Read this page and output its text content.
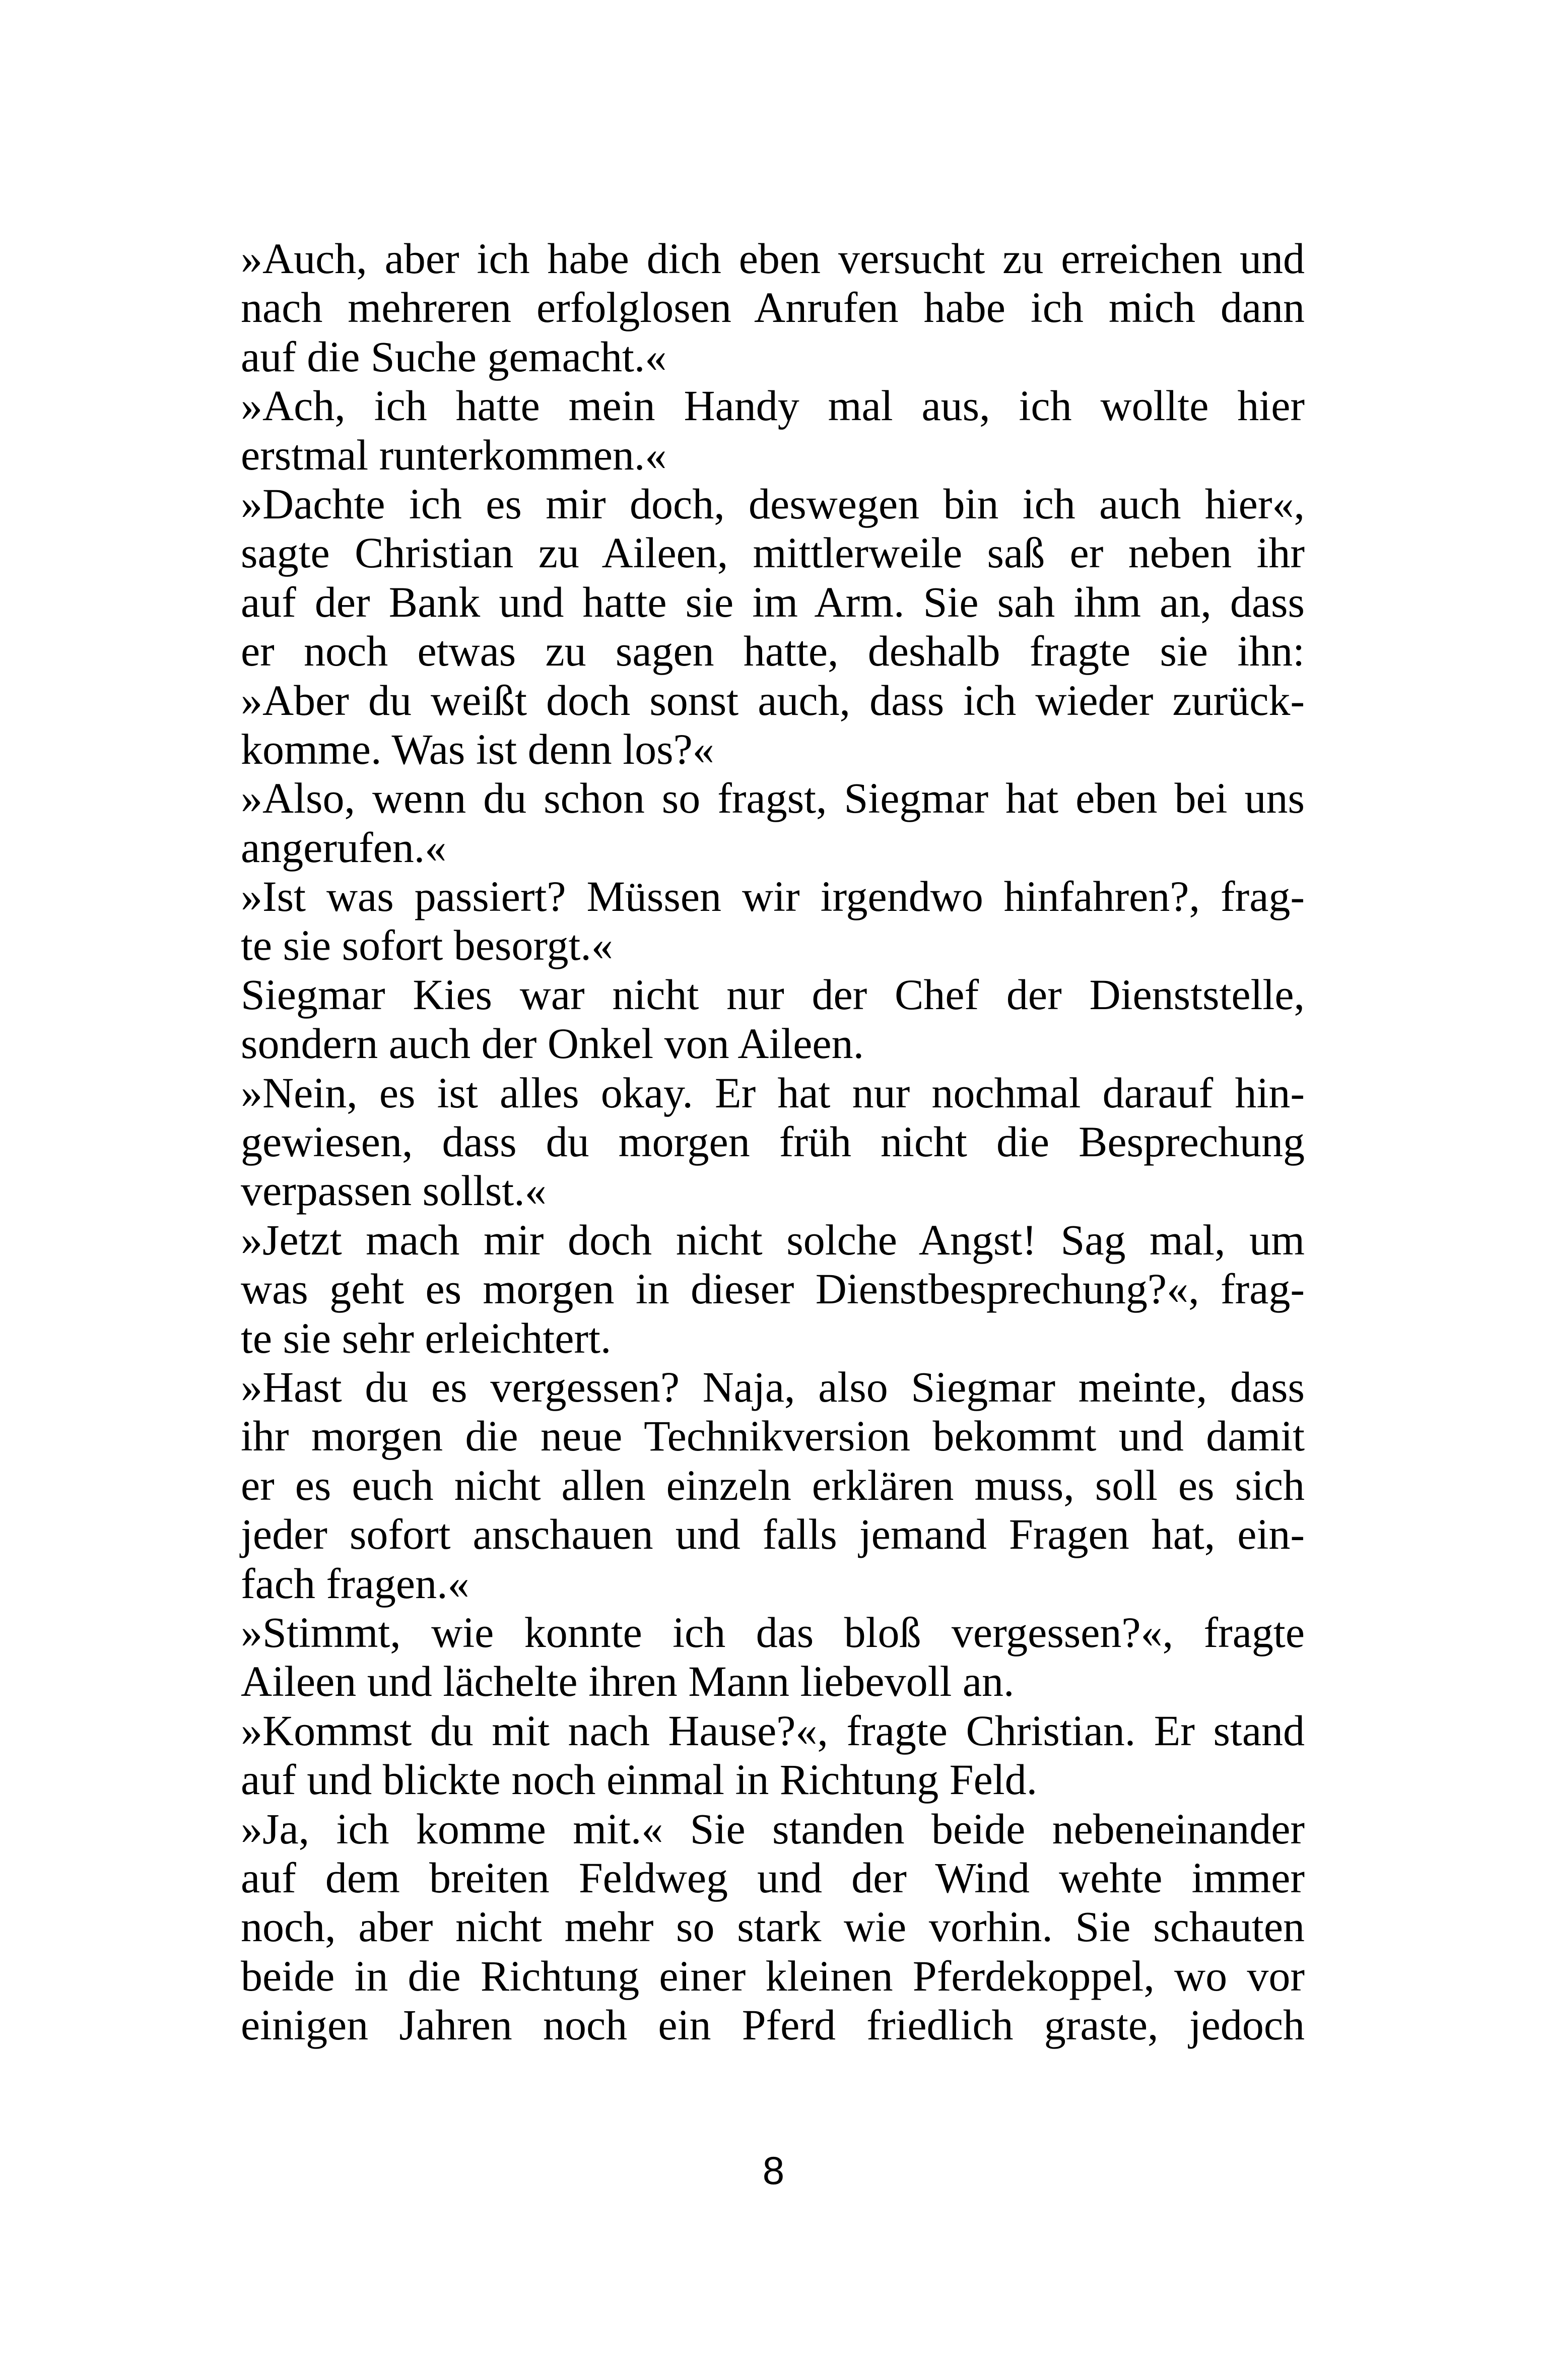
»Auch, aber ich habe dich eben versucht zu erreichen und
nach mehreren erfolglosen Anrufen habe ich mich dann
auf die Suche gemacht.«
»Ach, ich hatte mein Handy mal aus, ich wollte hier
erstmal runterkommen.«
»Dachte ich es mir doch, deswegen bin ich auch hier«,
sagte Christian zu Aileen, mittlerweile saß er neben ihr
auf der Bank und hatte sie im Arm. Sie sah ihm an, dass
er noch etwas zu sagen hatte, deshalb fragte sie ihn:
»Aber du weißt doch sonst auch, dass ich wieder zurück-
komme. Was ist denn los?«
»Also, wenn du schon so fragst, Siegmar hat eben bei uns
angerufen.«
»Ist was passiert? Müssen wir irgendwo hinfahren?, frag-
te sie sofort besorgt.«
Siegmar Kies war nicht nur der Chef der Dienststelle,
sondern auch der Onkel von Aileen.
»Nein, es ist alles okay. Er hat nur nochmal darauf hin-
gewiesen, dass du morgen früh nicht die Besprechung
verpassen sollst.«
»Jetzt mach mir doch nicht solche Angst! Sag mal, um
was geht es morgen in dieser Dienstbesprechung?«, frag-
te sie sehr erleichtert.
»Hast du es vergessen? Naja, also Siegmar meinte, dass
ihr morgen die neue Technikversion bekommt und damit
er es euch nicht allen einzeln erklären muss, soll es sich
jeder sofort anschauen und falls jemand Fragen hat, ein-
fach fragen.«
»Stimmt, wie konnte ich das bloß vergessen?«, fragte
Aileen und lächelte ihren Mann liebevoll an.
»Kommst du mit nach Hause?«, fragte Christian. Er stand
auf und blickte noch einmal in Richtung Feld.
»Ja, ich komme mit.« Sie standen beide nebeneinander
auf dem breiten Feldweg und der Wind wehte immer
noch, aber nicht mehr so stark wie vorhin. Sie schauten
beide in die Richtung einer kleinen Pferdekoppel, wo vor
einigen Jahren noch ein Pferd friedlich graste, jedoch
8
